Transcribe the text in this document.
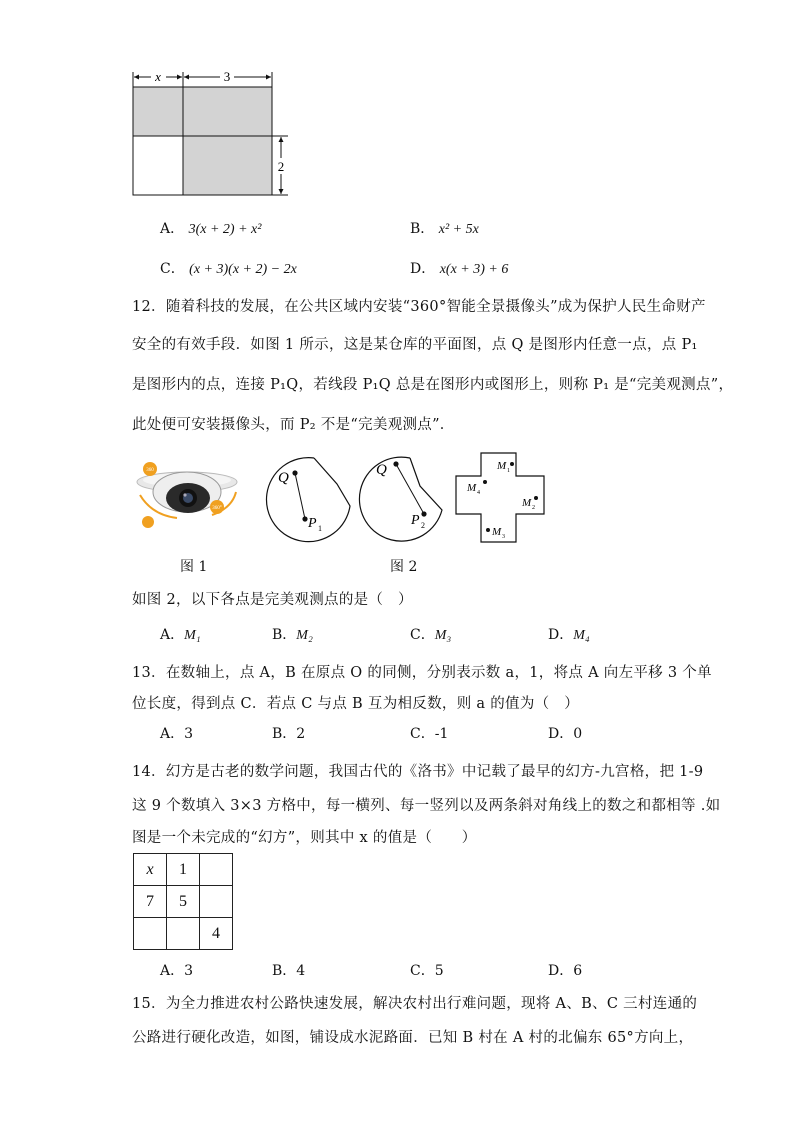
x	3
2
A． 3(x + 2) + x²	B． x² + 5x
C． (x + 3)(x + 2) − 2x	D． x(x + 3) + 6
12．随着科技的发展，在公共区域内安装“360°智能全景摄像头”成为保护人民生命财产
安全的有效手段．如图 1 所示，这是某仓库的平面图，点 Q 是图形内任意一点，点 P₁
是图形内的点，连接 P₁Q，若线段 P₁Q 总是在图形内或图形上，则称 P₁ 是“完美观测点”，
此处便可安装摄像头，而 P₂ 不是“完美观测点”．
360°
360	Q
P 1
Q
P 2
M 1
M 2
M 3
M 4
图 1	图 2
如图 2，以下各点是完美观测点的是（　）
A．M₁	B．M₂	C．M₃	D．M₄
13．在数轴上，点 A，B 在原点 O 的同侧，分别表示数 a，1，将点 A 向左平移 3 个单
位长度，得到点 C．若点 C 与点 B 互为相反数，则 a 的值为（　）
A．3	B．2	C．-1	D．0
14．幻方是古老的数学问题，我国古代的《洛书》中记载了最早的幻方-九宫格，把 1-9
这 9 个数填入 3×3 方格中，每一横列、每一竖列以及两条斜对角线上的数之和都相等 .如
图是一个未完成的“幻方”，则其中 x 的值是（　　）
x	1	
7	5	
		4
A．3	B．4	C．5	D．6
15．为全力推进农村公路快速发展，解决农村出行难问题，现将 A、B、C 三村连通的
公路进行硬化改造，如图，铺设成水泥路面．已知 B 村在 A 村的北偏东 65°方向上，
